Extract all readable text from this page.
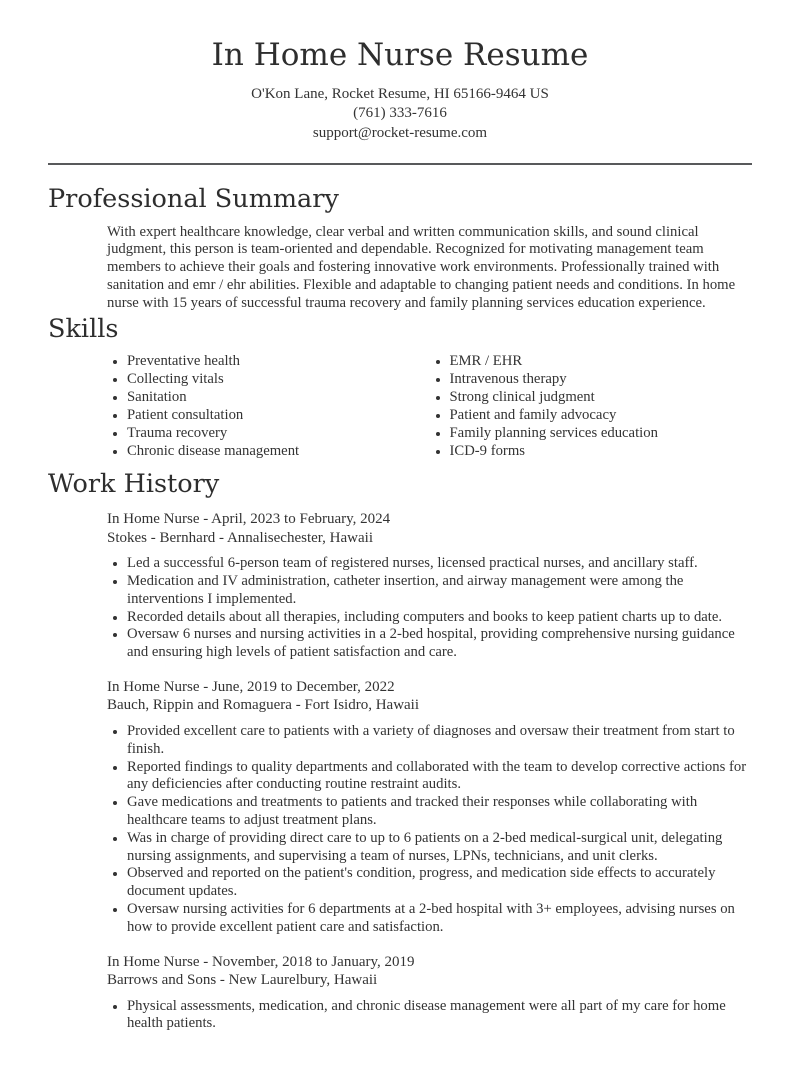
In Home Nurse Resume
O'Kon Lane, Rocket Resume, HI 65166-9464 US
(761) 333-7616
support@rocket-resume.com
Professional Summary

With expert healthcare knowledge, clear verbal and written communication skills, and sound clinical judgment, this person is team-oriented and dependable. Recognized for motivating management team members to achieve their goals and fostering innovative work environments. Professionally trained with sanitation and emr / ehr abilities. Flexible and adaptable to changing patient needs and conditions. In home nurse with 15 years of successful trauma recovery and family planning services education experience.

Skills
• Preventative health
• Collecting vitals
• Sanitation
• Patient consultation
• Trauma recovery
• Chronic disease management
• EMR / EHR
• Intravenous therapy
• Strong clinical judgment
• Patient and family advocacy
• Family planning services education
• ICD-9 forms
Work History
In Home Nurse - April, 2023 to February, 2024
Stokes - Bernhard - Annalisechester, Hawaii
• Led a successful 6-person team of registered nurses, licensed practical nurses, and ancillary staff.
• Medication and IV administration, catheter insertion, and airway management were among the interventions I implemented.
• Recorded details about all therapies, including computers and books to keep patient charts up to date.
• Oversaw 6 nurses and nursing activities in a 2-bed hospital, providing comprehensive nursing guidance and ensuring high levels of patient satisfaction and care.
In Home Nurse - June, 2019 to December, 2022
Bauch, Rippin and Romaguera - Fort Isidro, Hawaii
• Provided excellent care to patients with a variety of diagnoses and oversaw their treatment from start to finish.
• Reported findings to quality departments and collaborated with the team to develop corrective actions for any deficiencies after conducting routine restraint audits.
• Gave medications and treatments to patients and tracked their responses while collaborating with healthcare teams to adjust treatment plans.
• Was in charge of providing direct care to up to 6 patients on a 2-bed medical-surgical unit, delegating nursing assignments, and supervising a team of nurses, LPNs, technicians, and unit clerks.
• Observed and reported on the patient's condition, progress, and medication side effects to accurately document updates.
• Oversaw nursing activities for 6 departments at a 2-bed hospital with 3+ employees, advising nurses on how to provide excellent patient care and satisfaction.
In Home Nurse - November, 2018 to January, 2019
Barrows and Sons - New Laurelbury, Hawaii
• Physical assessments, medication, and chronic disease management were all part of my care for home health patients.
